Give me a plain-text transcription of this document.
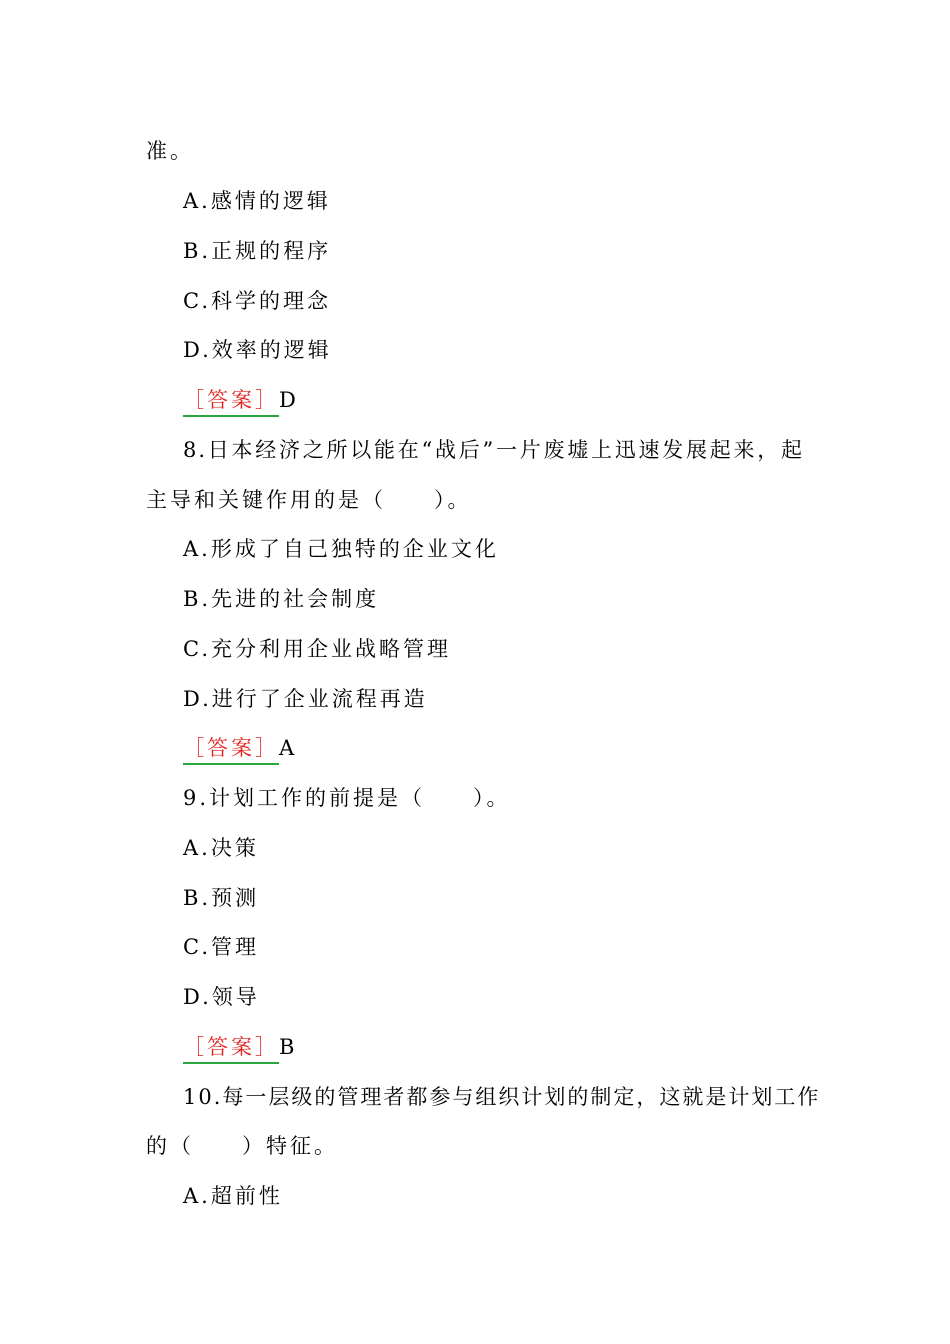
准。
A.感情的逻辑
B.正规的程序
C.科学的理念
D.效率的逻辑
［答案］D
8.日本经济之所以能在“战后”一片废墟上迅速发展起来，起
主导和关键作用的是（　　）。
A.形成了自己独特的企业文化
B.先进的社会制度
C.充分利用企业战略管理
D.进行了企业流程再造
［答案］A
9.计划工作的前提是（　　）。
A.决策
B.预测
C.管理
D.领导
［答案］B
10.每一层级的管理者都参与组织计划的制定，这就是计划工作
的（　　）特征。
A.超前性
